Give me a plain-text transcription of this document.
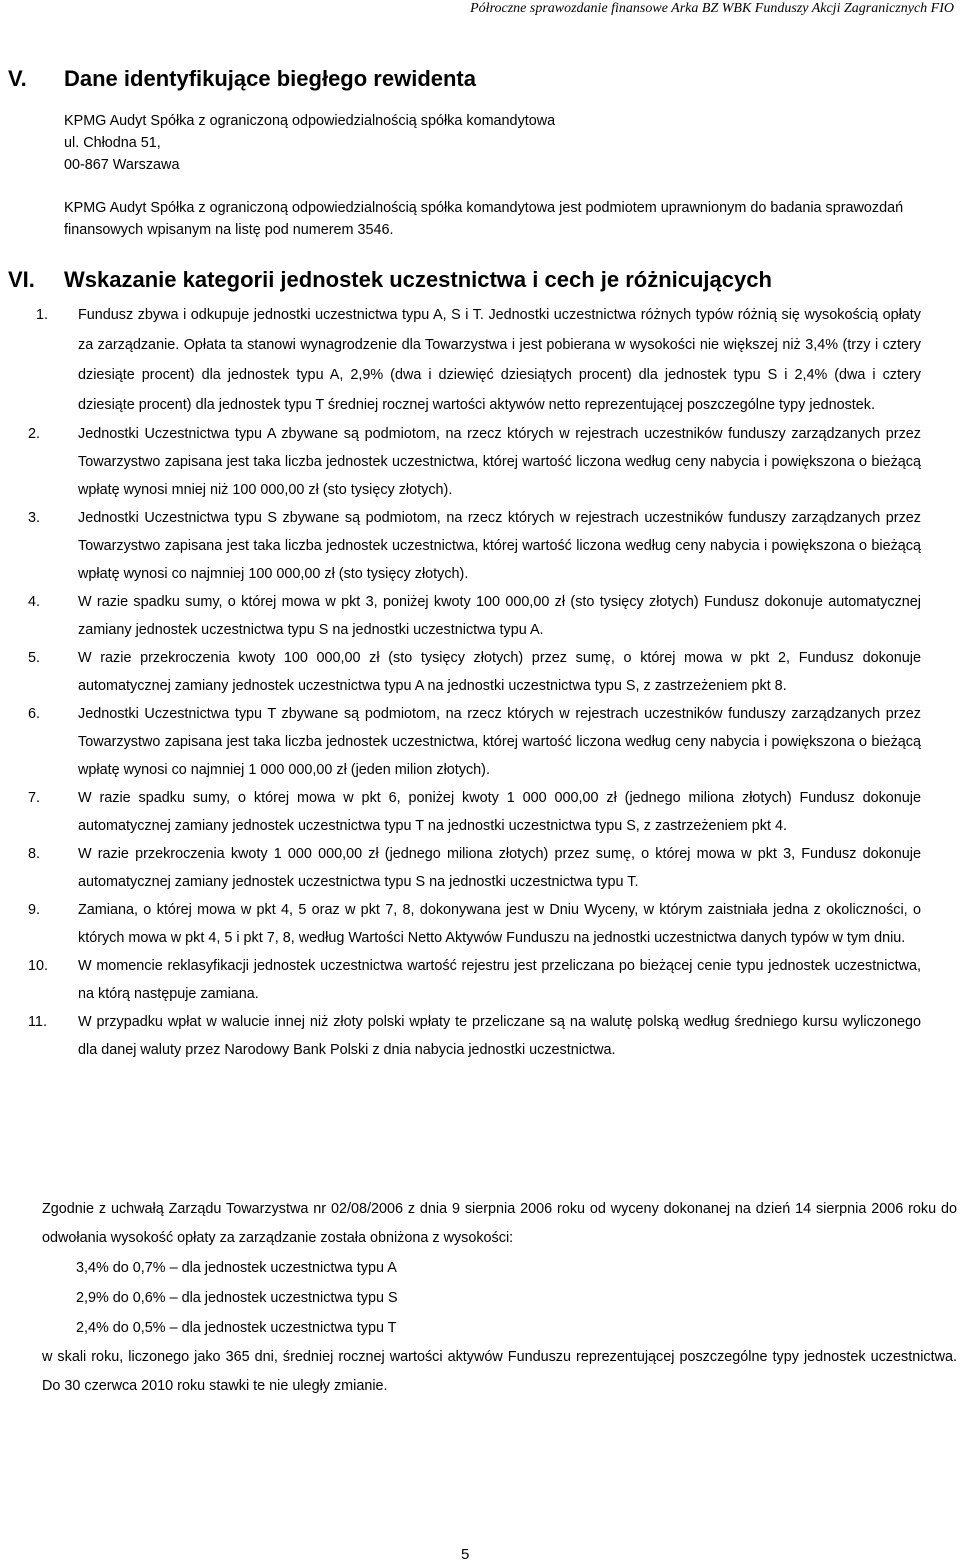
Półroczne sprawozdanie finansowe Arka BZ WBK Funduszy Akcji Zagranicznych FIO
V. Dane identyfikujące biegłego rewidenta
KPMG Audyt Spółka z ograniczoną odpowiedzialnością spółka komandytowa
ul. Chłodna 51,
00-867 Warszawa
KPMG Audyt Spółka z ograniczoną odpowiedzialnością spółka komandytowa jest podmiotem uprawnionym do badania sprawozdań finansowych wpisanym na listę pod numerem 3546.
VI. Wskazanie kategorii jednostek uczestnictwa i cech je różnicujących
1. Fundusz zbywa i odkupuje jednostki uczestnictwa typu A, S i T. Jednostki uczestnictwa różnych typów różnią się wysokością opłaty za zarządzanie. Opłata ta stanowi wynagrodzenie dla Towarzystwa i jest pobierana w wysokości nie większej niż 3,4% (trzy i cztery dziesiąte procent) dla jednostek typu A, 2,9% (dwa i dziewięć dziesiątych procent) dla jednostek typu S i 2,4% (dwa i cztery dziesiąte procent) dla jednostek typu T średniej rocznej wartości aktywów netto reprezentującej poszczególne typy jednostek.
2.	Jednostki Uczestnictwa typu A zbywane są podmiotom, na rzecz których w rejestrach uczestników funduszy zarządzanych przez Towarzystwo zapisana jest taka liczba jednostek uczestnictwa, której wartość liczona według ceny nabycia i powiększona o bieżącą wpłatę wynosi mniej niż 100 000,00 zł (sto tysięcy złotych).
3.	Jednostki Uczestnictwa typu S zbywane są podmiotom, na rzecz których w rejestrach uczestników funduszy zarządzanych przez Towarzystwo zapisana jest taka liczba jednostek uczestnictwa, której wartość liczona według ceny nabycia i powiększona o bieżącą wpłatę wynosi co najmniej 100 000,00 zł (sto tysięcy złotych).
4.	W razie spadku sumy, o której mowa w pkt 3, poniżej kwoty 100 000,00 zł (sto tysięcy złotych) Fundusz dokonuje automatycznej zamiany jednostek uczestnictwa typu S na jednostki uczestnictwa typu A.
5.	W razie przekroczenia kwoty 100 000,00 zł (sto tysięcy złotych) przez sumę, o której mowa w pkt 2, Fundusz dokonuje automatycznej zamiany jednostek uczestnictwa typu A na jednostki uczestnictwa typu S, z zastrzeżeniem pkt 8.
6.	Jednostki Uczestnictwa typu T zbywane są podmiotom, na rzecz których w rejestrach uczestników funduszy zarządzanych przez Towarzystwo zapisana jest taka liczba jednostek uczestnictwa, której wartość liczona według ceny nabycia i powiększona o bieżącą wpłatę wynosi co najmniej 1 000 000,00 zł (jeden milion złotych).
7.	W razie spadku sumy, o której mowa w pkt 6, poniżej kwoty 1 000 000,00 zł (jednego miliona złotych) Fundusz dokonuje automatycznej zamiany jednostek uczestnictwa typu T na jednostki uczestnictwa typu S, z zastrzeżeniem pkt 4.
8.	W razie przekroczenia kwoty 1 000 000,00 zł (jednego miliona złotych) przez sumę, o której mowa w pkt 3, Fundusz dokonuje automatycznej zamiany jednostek uczestnictwa typu S na jednostki uczestnictwa typu T.
9.	Zamiana, o której mowa w pkt 4, 5 oraz w pkt 7, 8, dokonywana jest w Dniu Wyceny, w którym zaistniała jedna z okoliczności, o których mowa w pkt 4, 5 i pkt 7, 8, według Wartości Netto Aktywów Funduszu na jednostki uczestnictwa danych typów w tym dniu.
10. W momencie reklasyfikacji jednostek uczestnictwa wartość rejestru jest przeliczana po bieżącej cenie typu jednostek uczestnictwa, na którą następuje zamiana.
11. W przypadku wpłat w walucie innej niż złoty polski wpłaty te przeliczane są na walutę polską według średniego kursu wyliczonego dla danej waluty przez Narodowy Bank Polski z dnia nabycia jednostki uczestnictwa.

Zgodnie z uchwałą Zarządu Towarzystwa nr 02/08/2006 z dnia 9 sierpnia 2006 roku od wyceny dokonanej na dzień 14 sierpnia 2006 roku do odwołania wysokość opłaty za zarządzanie została obniżona z wysokości:

3,4% do 0,7% – dla jednostek uczestnictwa typu A
2,9% do 0,6% – dla jednostek uczestnictwa typu S
2,4% do 0,5% – dla jednostek uczestnictwa typu T

w skali roku, liczonego jako 365 dni, średniej rocznej wartości aktywów Funduszu reprezentującej poszczególne typy jednostek uczestnictwa. Do 30 czerwca 2010 roku stawki te nie uległy zmianie.

5
